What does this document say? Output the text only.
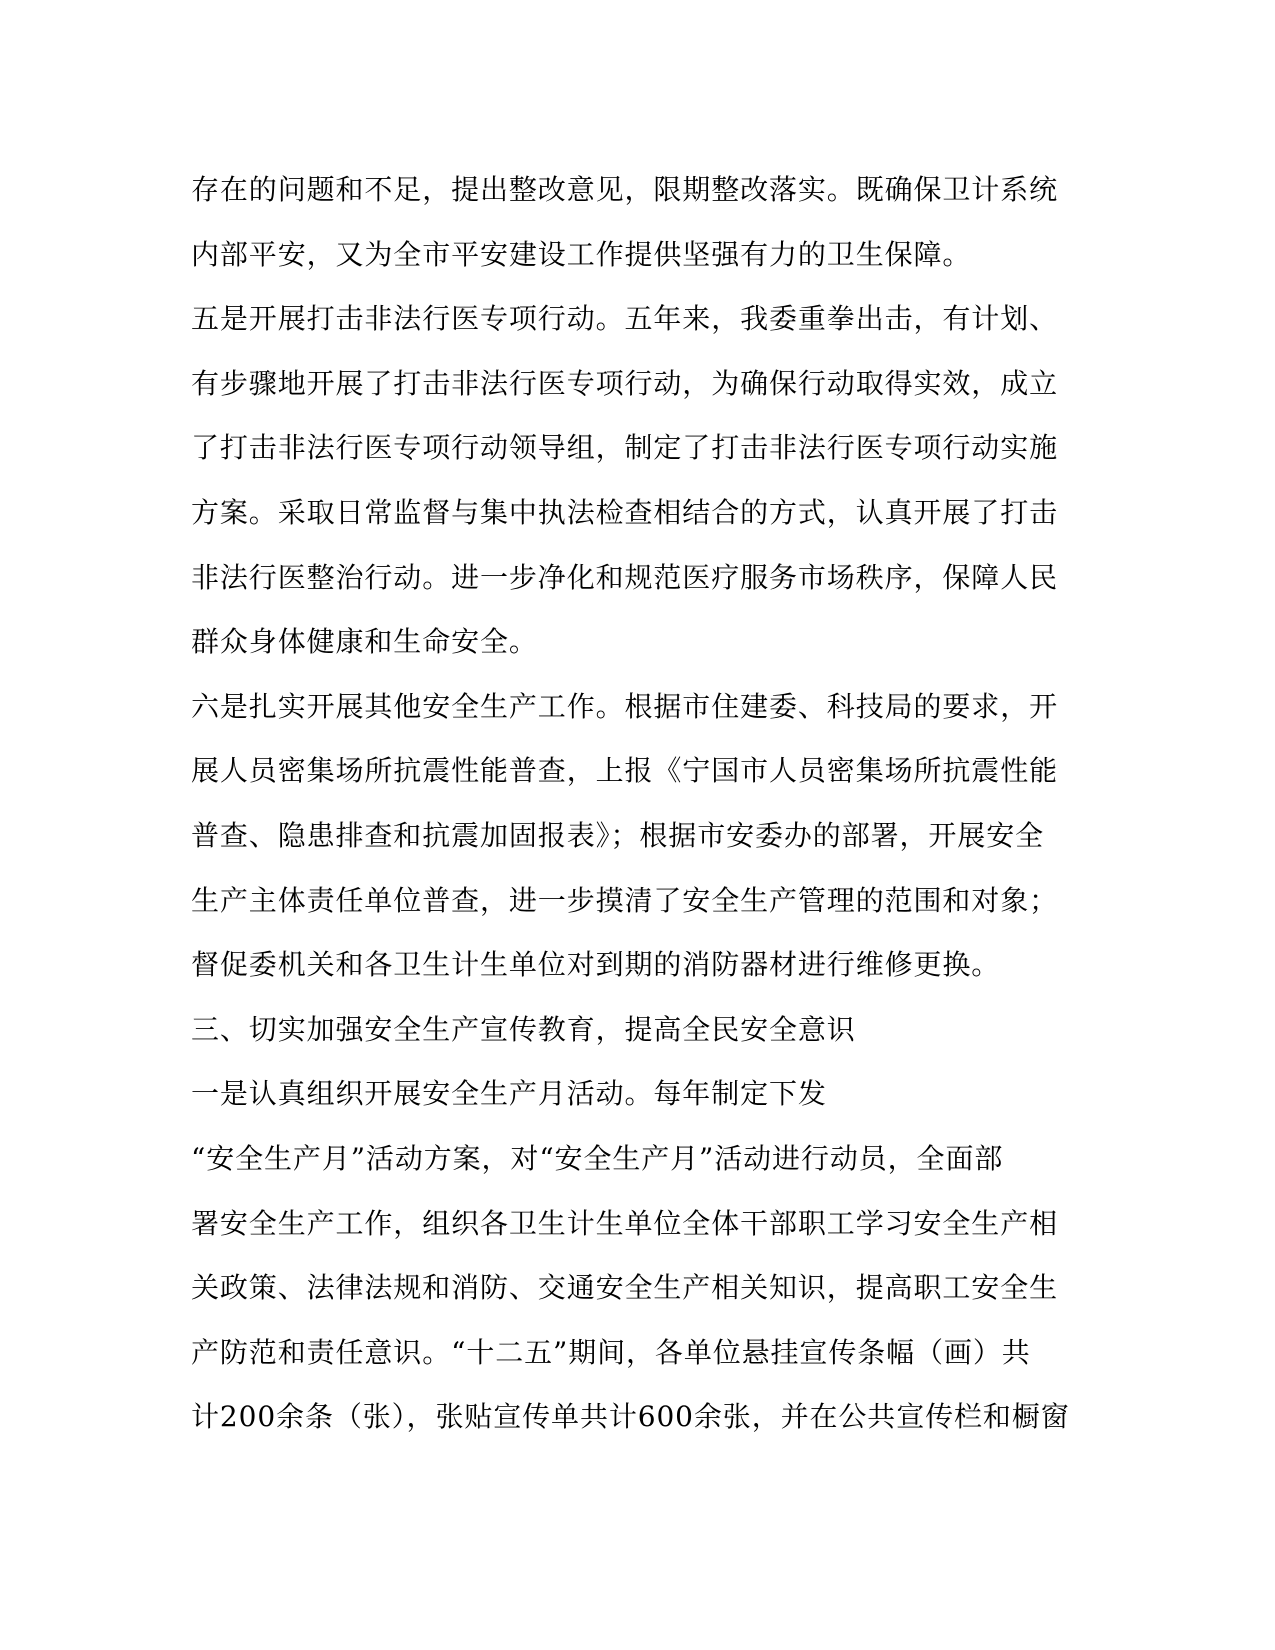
存在的问题和不足，提出整改意见，限期整改落实。既确保卫计系统
内部平安，又为全市平安建设工作提供坚强有力的卫生保障。
五是开展打击非法行医专项行动。五年来，我委重拳出击，有计划、
有步骤地开展了打击非法行医专项行动，为确保行动取得实效，成立
了打击非法行医专项行动领导组，制定了打击非法行医专项行动实施
方案。采取日常监督与集中执法检查相结合的方式，认真开展了打击
非法行医整治行动。进一步净化和规范医疗服务市场秩序，保障人民
群众身体健康和生命安全。
六是扎实开展其他安全生产工作。根据市住建委、科技局的要求，开
展人员密集场所抗震性能普查，上报《宁国市人员密集场所抗震性能
普查、隐患排查和抗震加固报表》；根据市安委办的部署，开展安全
生产主体责任单位普查，进一步摸清了安全生产管理的范围和对象；
督促委机关和各卫生计生单位对到期的消防器材进行维修更换。
三、切实加强安全生产宣传教育，提高全民安全意识
一是认真组织开展安全生产月活动。每年制定下发
“安全生产月”活动方案，对“安全生产月”活动进行动员，全面部
署安全生产工作，组织各卫生计生单位全体干部职工学习安全生产相
关政策、法律法规和消防、交通安全生产相关知识，提高职工安全生
产防范和责任意识。“十二五”期间，各单位悬挂宣传条幅（画）共
计200余条（张），张贴宣传单共计600余张，并在公共宣传栏和橱窗
